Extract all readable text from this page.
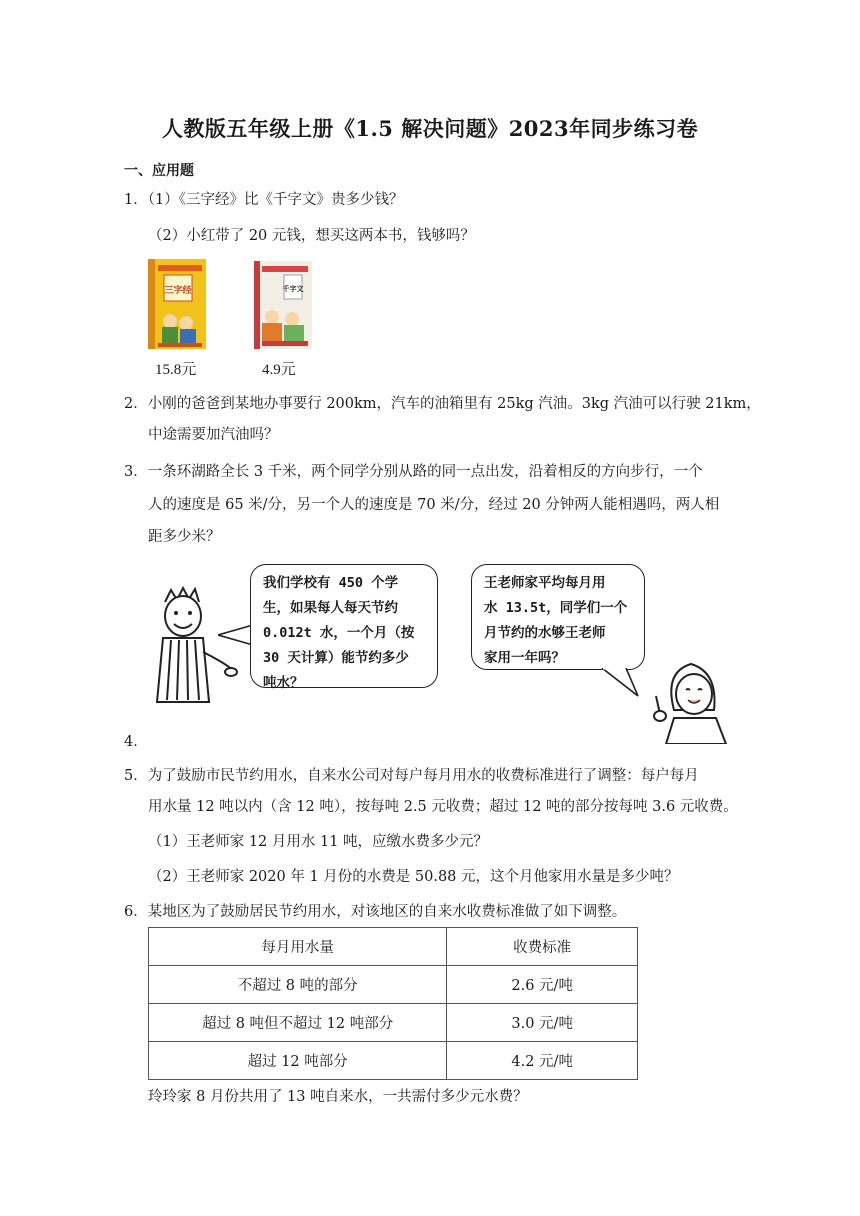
人教版五年级上册《1.5 解决问题》2023年同步练习卷
一、应用题
1．（1）《三字经》比《千字文》贵多少钱？
（2）小红带了 20 元钱，想买这两本书，钱够吗？
三字经	千字文
15.8元	4.9元
2．小刚的爸爸到某地办事要行 200km，汽车的油箱里有 25kg 汽油。3kg 汽油可以行驶 21km，
中途需要加汽油吗？
3．一条环湖路全长 3 千米，两个同学分别从路的同一点出发，沿着相反的方向步行，一个
人的速度是 65 米/分，另一个人的速度是 70 米/分，经过 20 分钟两人能相遇吗，两人相
距多少米？
我们学校有 450 个学
生，如果每人每天节约
0.012t 水，一个月（按
30 天计算）能节约多少
吨水？
王老师家平均每月用
水 13.5t，同学们一个
月节约的水够王老师
家用一年吗？
4．
5．为了鼓励市民节约用水，自来水公司对每户每月用水的收费标准进行了调整：每户每月
用水量 12 吨以内（含 12 吨），按每吨 2.5 元收费；超过 12 吨的部分按每吨 3.6 元收费。
（1）王老师家 12 月用水 11 吨，应缴水费多少元？
（2）王老师家 2020 年 1 月份的水费是 50.88 元，这个月他家用水量是多少吨？
6．某地区为了鼓励居民节约用水，对该地区的自来水收费标准做了如下调整。
每月用水量	收费标准
不超过 8 吨的部分	2.6 元/吨
超过 8 吨但不超过 12 吨部分	3.0 元/吨
超过 12 吨部分	4.2 元/吨
玲玲家 8 月份共用了 13 吨自来水，一共需付多少元水费？
